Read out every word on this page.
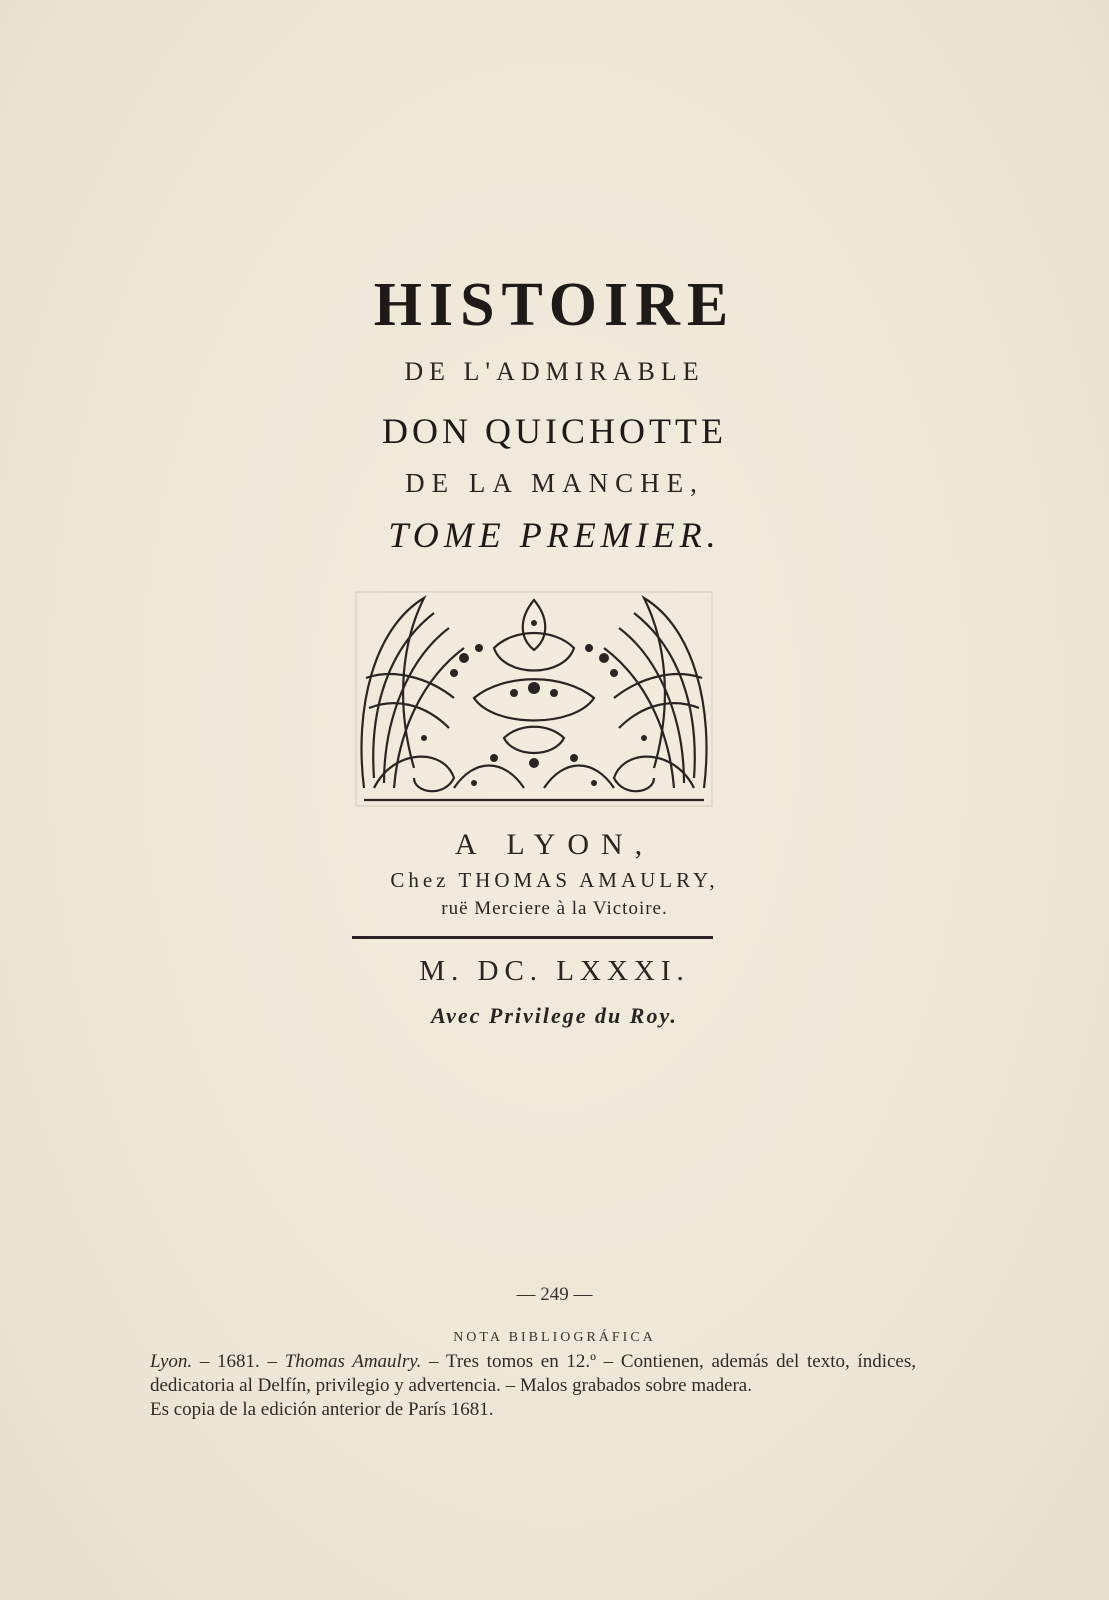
HISTOIRE
DE L'ADMIRABLE
DON QUICHOTTE
DE LA MANCHE,
TOME PREMIER.
A LYON,
Chez THOMAS AMAULRY,
ruë Merciere à la Victoire.
M. DC. LXXXI.
Avec Privilege du Roy.
— 249 —
NOTA BIBLIOGRÁFICA

Lyon. – 1681. – Thomas Amaulry. – Tres tomos en 12.º – Contienen, además del texto, índices, dedicatoria al Delfín, privilegio y advertencia. – Malos grabados sobre madera.

Es copia de la edición anterior de París 1681.
